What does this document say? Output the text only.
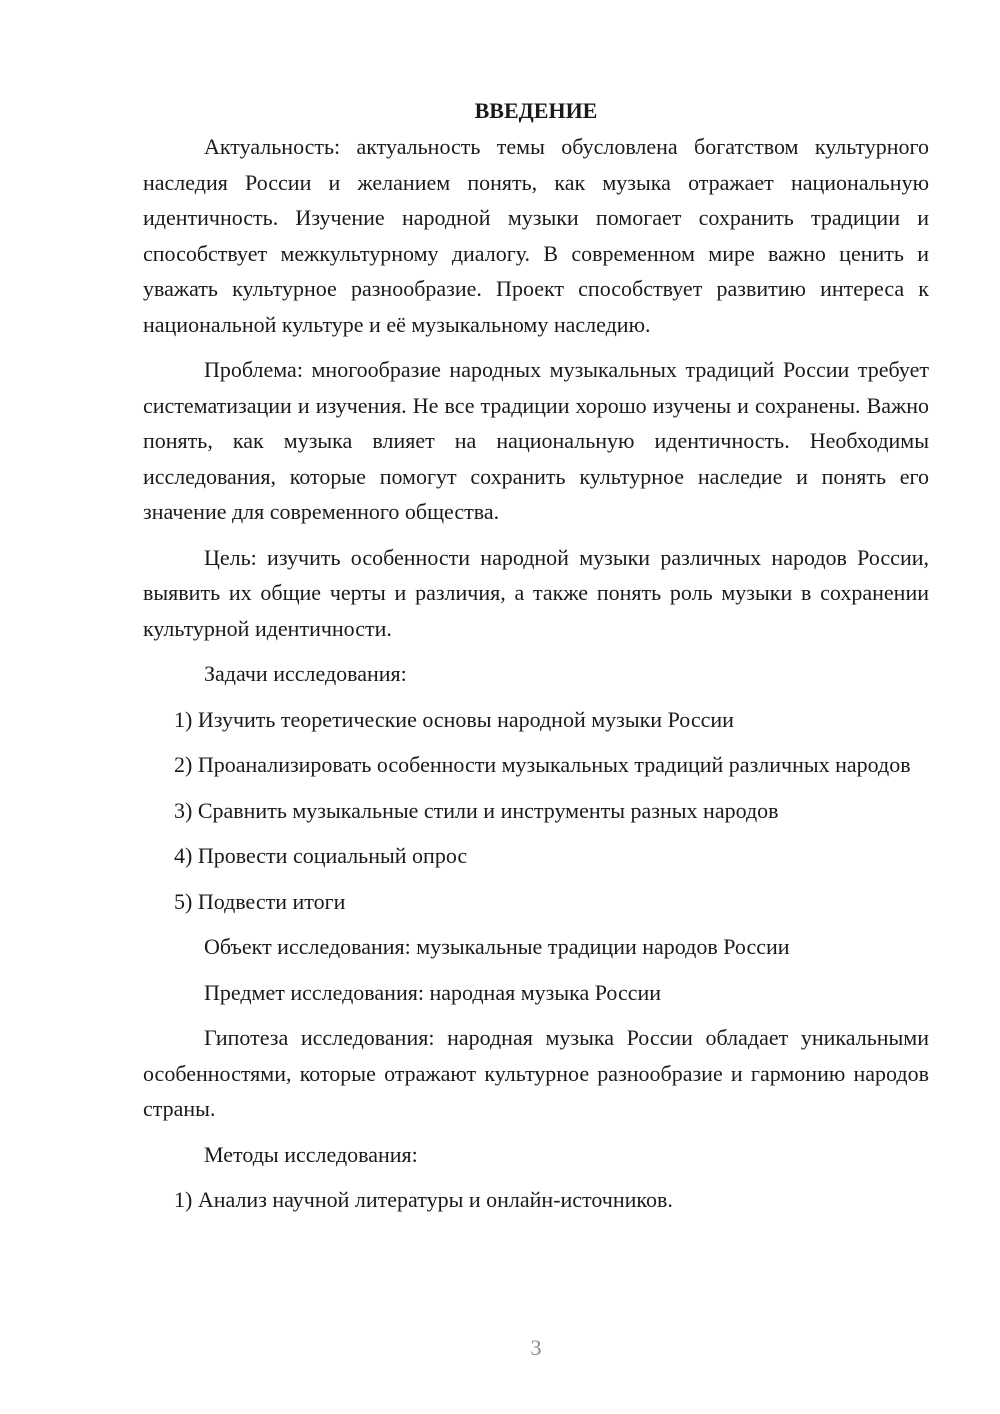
ВВЕДЕНИЕ

Актуальность: актуальность темы обусловлена богатством культурного наследия России и желанием понять, как музыка отражает национальную идентичность. Изучение народной музыки помогает сохранить традиции и способствует межкультурному диалогу. В современном мире важно ценить и уважать культурное разнообразие. Проект способствует развитию интереса к национальной культуре и её музыкальному наследию.

Проблема: многообразие народных музыкальных традиций России требует систематизации и изучения. Не все традиции хорошо изучены и сохранены. Важно понять, как музыка влияет на национальную идентичность. Необходимы исследования, которые помогут сохранить культурное наследие и понять его значение для современного общества.

Цель: изучить особенности народной музыки различных народов России, выявить их общие черты и различия, а также понять роль музыки в сохранении культурной идентичности.

Задачи исследования:

1) Изучить теоретические основы народной музыки России

2) Проанализировать особенности музыкальных традиций различных народов

3) Сравнить музыкальные стили и инструменты разных народов

4) Провести социальный опрос

5) Подвести итоги

Объект исследования: музыкальные традиции народов России

Предмет исследования: народная музыка России

Гипотеза исследования: народная музыка России обладает уникальными особенностями, которые отражают культурное разнообразие и гармонию народов страны.

Методы исследования:

1) Анализ научной литературы и онлайн-источников.

3
